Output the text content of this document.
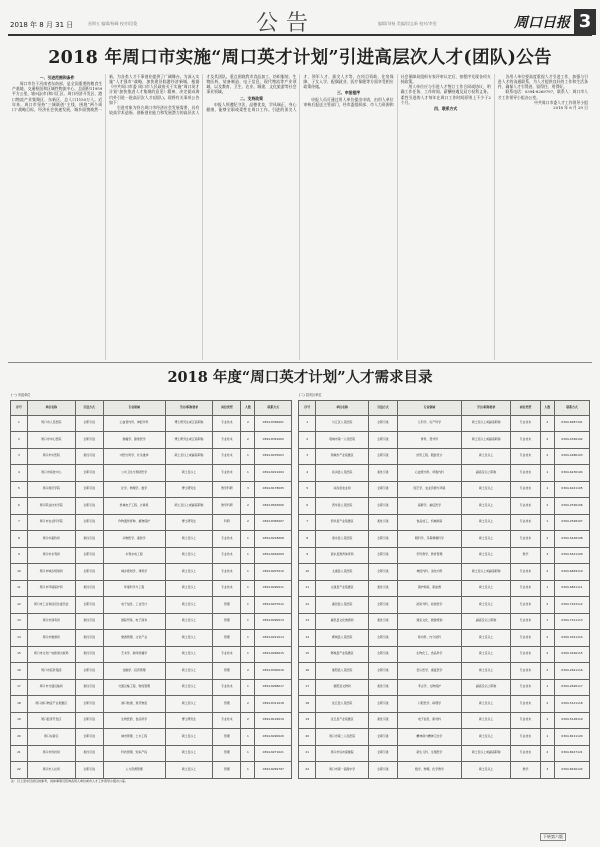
2018 年 8 月 31 日	星期五 编辑/杨峰 校对/段俊	公告	编辑/刘杨 美编/段志新 校对/李雯	周口日报 3
2018 年周口市实施“周口英才计划”引进高层次人才(团队)公告

一、引进范围和条件

周口市位于河南省东南部，是全国重要的粮食生产基地、交通枢纽和区域性物流中心，总面积11959平方公里，辖9县(市)和川汇区、周口经济开发区、港口物流产业集聚区、东新区，总人口1150万人。近年来，周口市坚持“三城联创”主线，围绕“两个周口”战略目标，经济社会快速发展，城乡面貌焕然一新，为各类人才干事创业提供了广阔舞台。为深入实施“人才强市”战略，加快建设临港经济新城，根据《中共周口市委 周口市人民政府关于实施“周口英才计划”加快推进人才集聚的意见》精神，决定面向海内外引进一批高层次人才(团队)。现将有关事项公告如下：

引进对象为符合周口市经济社会发展需要，具有较高学术造诣、创新创业能力和发展潜力的高层次人才及其团队。重点围绕我市食品加工、纺织服装、生物医药、装备制造、电子信息、现代物流等产业领域，以及教育、卫生、农业、城建、文化旅游等社会事业领域。

二、支持政策

申报人须遵纪守法，品德优良，学风端正，身心健康，能够全职或柔性在周口工作。引进的顶尖人才、领军人才、拔尖人才等，在项目资助、住房保障、子女入学、配偶就业、医疗保健等方面享受相应政策待遇。

三、申报程序

申报人员可通过用人单位提出申请，由用人单位审核后报送主管部门，经市委组织部、市人力资源和社会保障局组织专家评审认定后，按程序兑现各项支持政策。

用人单位应与引进人才签订工作合同或协议，明确工作任务、工作时间、薪酬待遇及双方权利义务。柔性引进的人才每年在周口工作时间原则上不少于2个月。

四、联系方式

各用人单位要高度重视人才引进工作，加强与引进人才的沟通联系，为人才提供良好的工作和生活条件，确保人才引得进、留得住、用得好。

联系电话：0394-8269797，联系人：周口市人才工作领导小组办公室。

中共周口市委人才工作领导小组

2018 年 8 月 29 日

2018 年度“周口英才计划”人才需求目录
(一) 市直单位							
序号	单位名称	引进方式	专业领域	学历/职称要求	岗位类型	人数	联系方式
1	周口市人民医院	全职引进	心血管内科、神经外科	博士研究生或正高职称	专业技术	2	0394-8396001
2	周口市中心医院	全职引进	肿瘤学、影像医学	博士研究生或正高职称	专业技术	2	0394-8391002
3	周口市中医院	柔性引进	中医内科学、针灸推拿	硕士及以上或副高职称	专业技术	1	0394-8235003
4	周口市疾控中心	全职引进	公共卫生与预防医学	硕士及以上	专业技术	1	0394-8221004
5	周口师范学院	全职引进	化学、物理学、数学	博士研究生	教学科研	3	0394-8178005
6	周口职业技术学院	全职引进	机械电子工程、计算机	硕士及以上或副高职称	教学科研	2	0394-8593006
7	周口市农业科学院	全职引进	作物遗传育种、植物保护	博士研究生	科研	2	0394-8365007
8	周口市畜牧局	柔性引进	动物医学、畜牧学	硕士及以上	专业技术	1	0394-8218008
9	周口市水利局	全职引进	水利水电工程	硕士及以上	专业技术	1	0394-8262009
10	周口市城乡规划局	全职引进	城乡规划学、建筑学	硕士及以上	专业技术	1	0394-8207010
11	周口市环境保护局	柔性引进	环境科学与工程	硕士及以上	专业技术	1	0394-8290011
12	周口市工业和信息化委员会	全职引进	电子信息、工业设计	硕士及以上	管理	1	0394-8237012
13	周口市商务局	柔性引进	国际贸易、电子商务	硕士及以上	管理	1	0394-8290013
14	周口市旅游局	柔性引进	旅游管理、文化产业	硕士及以上	管理	1	0394-8221014
15	周口市文化广电新闻出版局	柔性引进	艺术学、新闻传播学	硕士及以上	专业技术	1	0394-8266015
16	周口市投资集团	全职引进	金融学、投资管理	硕士及以上	管理	2	0394-8300016
17	周口市交通运输局	柔性引进	交通运输工程、物流管理	硕士及以上	专业技术	1	0394-8268017
18	周口港口物流产业集聚区	全职引进	港口航道、现代物流	硕士及以上	管理	2	0394-8311018
19	周口经济开发区	全职引进	生物医药、食品科学	博士研究生	专业技术	2	0394-8126019
20	周口东新区	全职引进	城市管理、土木工程	硕士及以上	管理	1	0394-8290020
21	周口市科技局	柔性引进	科技管理、知识产权	硕士及以上	管理	1	0394-8271021
22	周口市人社局	全职引进	人力资源管理	硕士及以上	管理	1	0394-8269797
注：以上需求目录仅供参考，具体事项可咨询各用人单位或市人才工作领导小组办公室。							
(二) 县市区单位							
序号	单位名称	引进方式	专业领域	学历/职称要求	岗位类型	人数	联系方式
1	川汇区人民医院	全职引进	儿科学、妇产科学	硕士及以上或副高职称	专业技术	2	0394-8287101
2	项城市第一人民医院	全职引进	骨科、普外科	硕士及以上或副高职称	专业技术	2	0394-4326102
3	项城市产业集聚区	全职引进	纺织工程、服装设计	硕士及以上	专业技术	2	0394-4286103
4	扶沟县人民医院	柔性引进	心血管内科、呼吸内科	副高及以上职称	专业技术	1	0394-6230104
5	扶沟县农业局	全职引进	园艺学、农业资源与环境	硕士及以上	专业技术	1	0394-6221105
6	西华县人民医院	全职引进	麻醉学、重症医学	硕士及以上	专业技术	2	0394-2536106
7	西华县产业集聚区	柔性引进	食品加工、机械制造	硕士及以上	专业技术	1	0394-2528107
8	商水县人民医院	全职引进	眼科学、耳鼻咽喉科学	硕士及以上	专业技术	2	0394-5428108
9	商水县教育体育局	全职引进	学科教学、教育管理	硕士及以上	教学	3	0394-5421109
10	太康县人民医院	全职引进	神经内科、消化内科	硕士及以上或副高职称	专业技术	2	0394-6829110
11	太康县产业集聚区	柔性引进	锅炉制造、新能源	硕士及以上	专业技术	1	0394-6821111
12	鹿邑县人民医院	全职引进	泌尿外科、检验医学	硕士及以上	专业技术	2	0394-7223112
13	鹿邑县文化旅游局	柔性引进	道家文化、旅游规划	副高及以上职称	专业技术	1	0394-7211113
14	郸城县人民医院	全职引进	肾内科、内分泌科	硕士及以上	专业技术	2	0394-3221114
15	郸城县产业集聚区	全职引进	生物化工、食品科学	硕士及以上	专业技术	2	0394-3226115
16	淮阳县人民医院	全职引进	急诊医学、康复医学	硕士及以上	专业技术	2	0394-2621116
17	淮阳县文物局	柔性引进	考古学、文物保护	副高及以上职称	专业技术	1	0394-2626117
18	沈丘县人民医院	全职引进	口腔医学、病理学	硕士及以上	专业技术	2	0394-5121118
19	沈丘县产业集聚区	柔性引进	电子信息、新材料	硕士及以上	专业技术	1	0394-5128119
20	周口市第二人民医院	全职引进	精神病与精神卫生学	硕士及以上	专业技术	1	0394-8211120
21	周口市妇幼保健院	全职引进	新生儿科、生殖医学	硕士及以上或副高职称	专业技术	2	0394-8227121
22	周口市第一高级中学	全职引进	数学、物理、化学教学	硕士及以上	教学	3	0394-8226122
下转第六版
